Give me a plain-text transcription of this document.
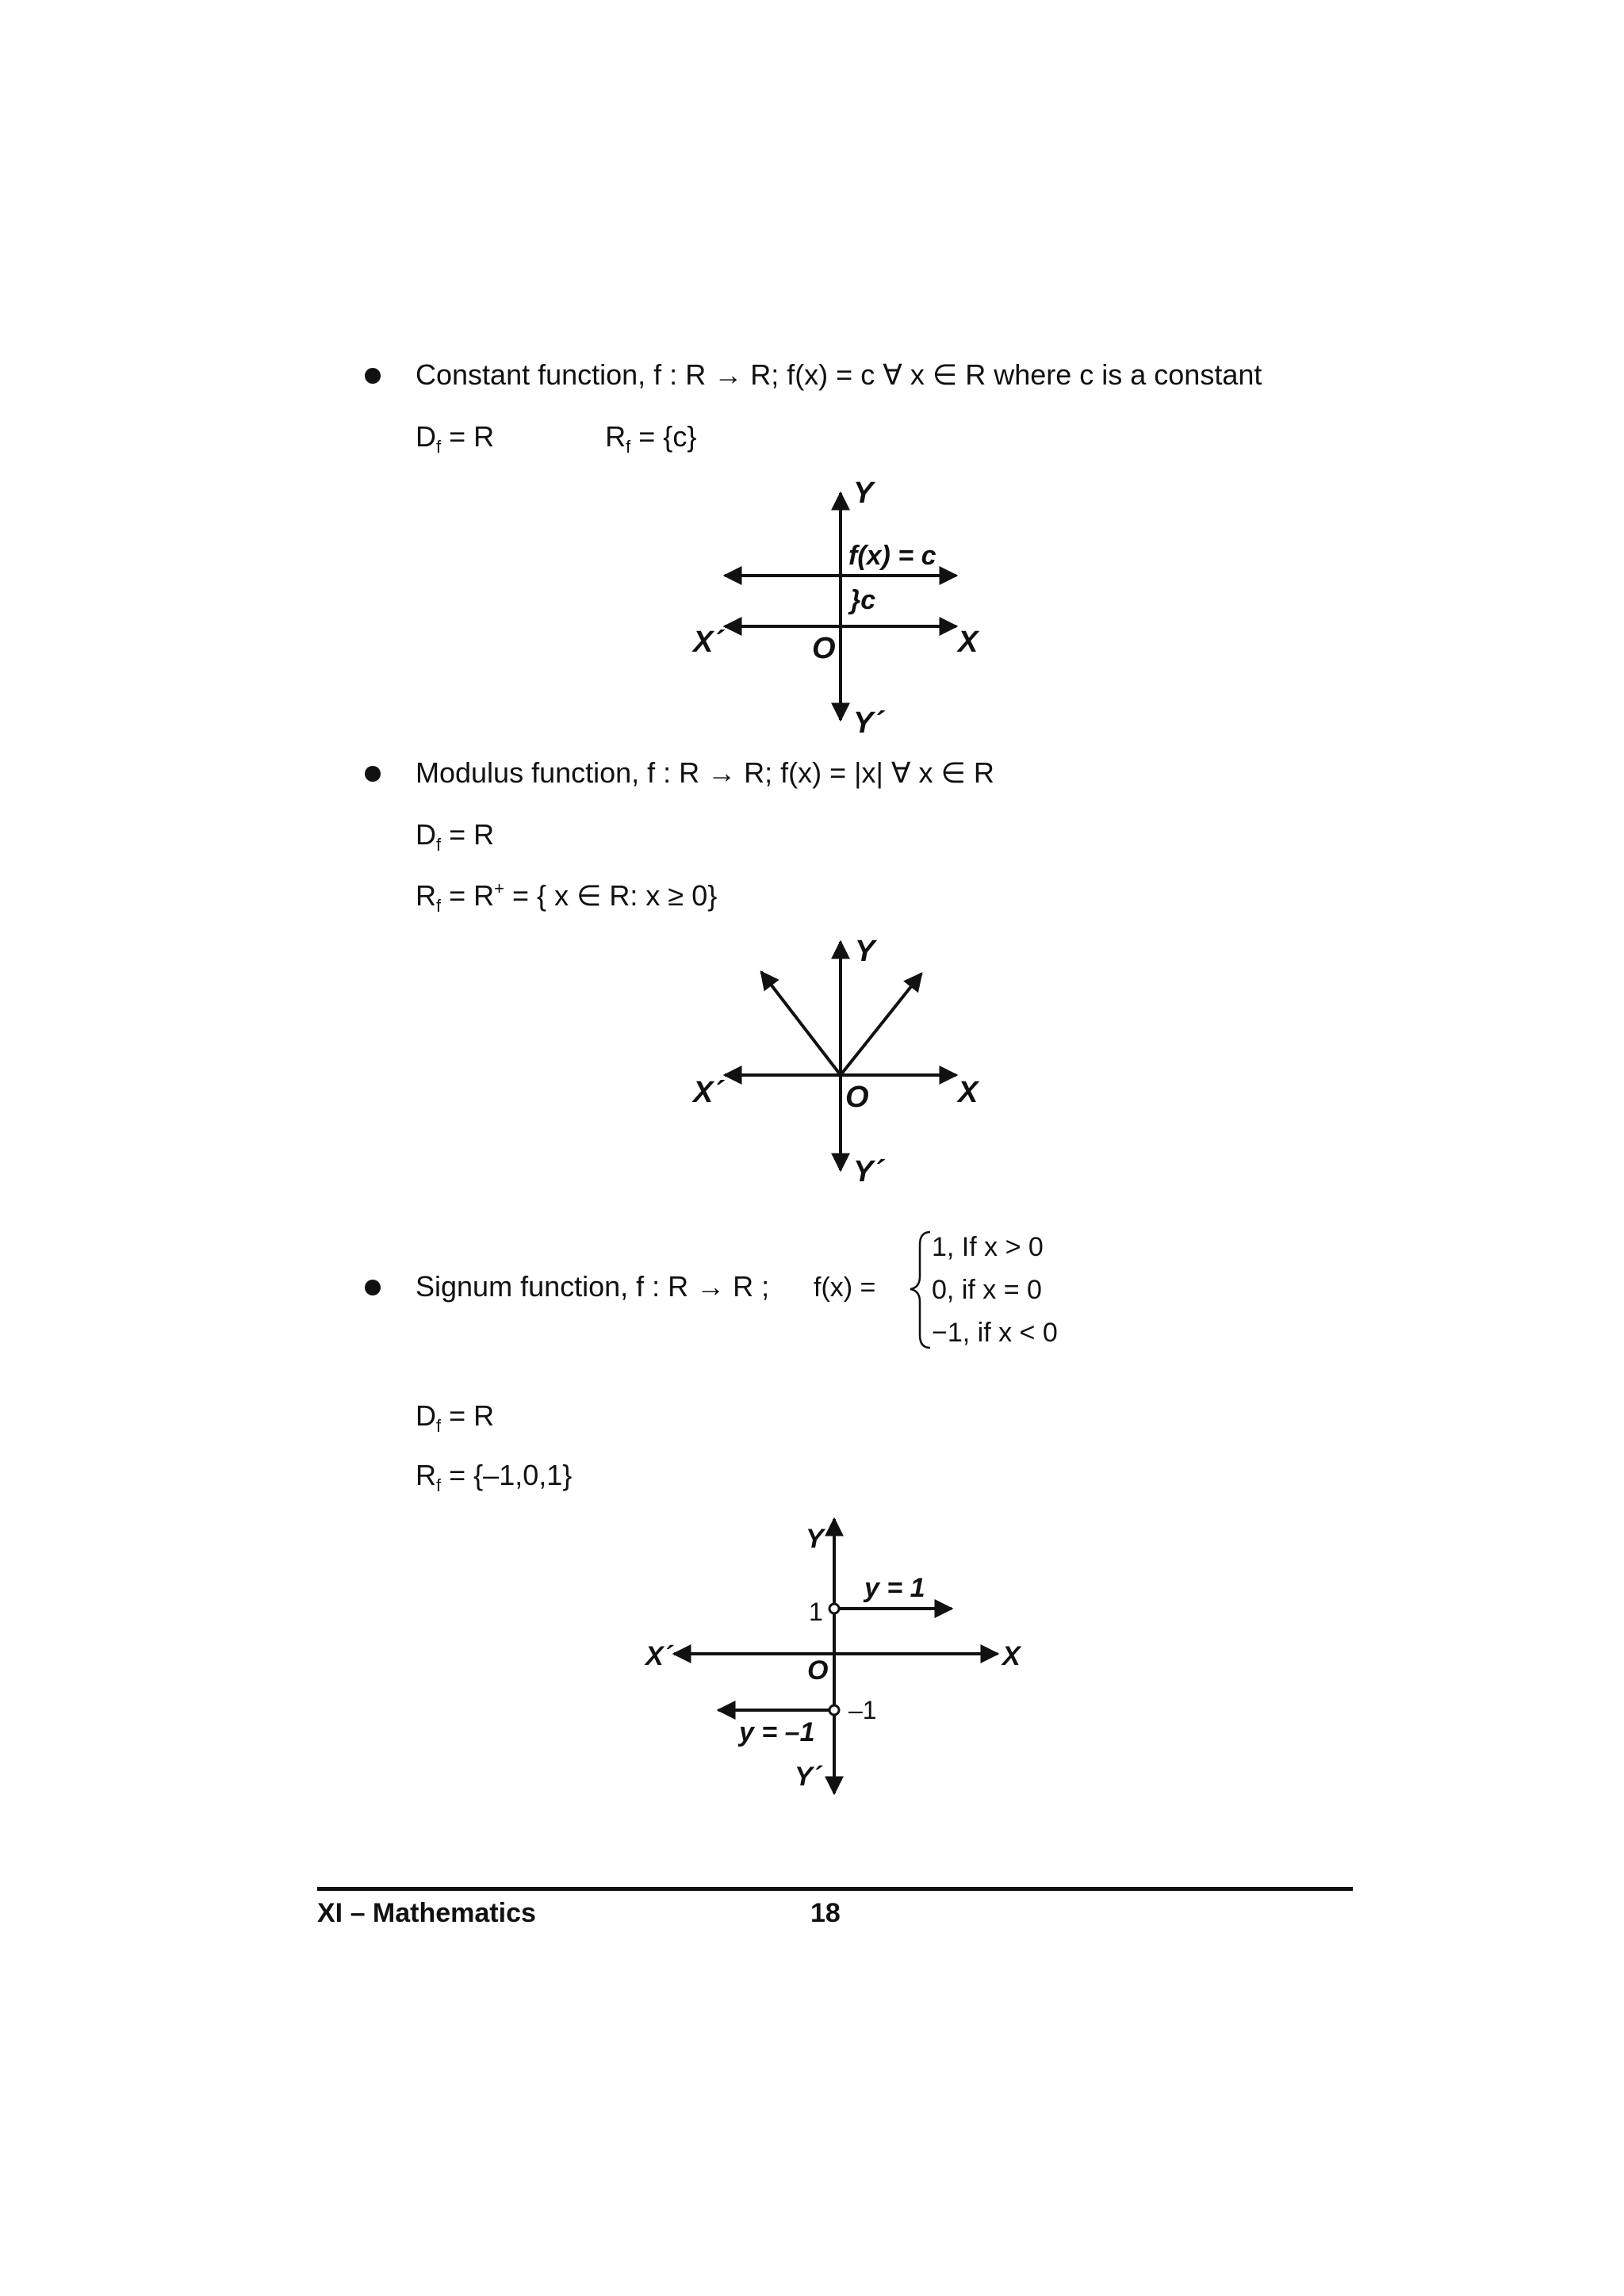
Constant function, f : R → R; f(x) = c ∀ x ∈ R where c is a constant
$D_f = R$	$R_f = \{c\}$
Modulus function, f : R → R; f(x) = |x| ∀ x ∈ R
$D_f = R$
$R_f = R^+$ = { x ∈ R: x ≥ 0}
Signum function, f : R → R ; f(x) =
1, If x > 0
0, if x = 0
−1, if x < 0
$D_f = R$
$R_f = \{-1,0,1\}$
Y
Y´
X
X´	O
f(x) = c
}c
Y
Y´
X
X´	O
Y
Y´
X
X´	O
y = 1
y = –1
1
–1
XI – Mathematics	18
